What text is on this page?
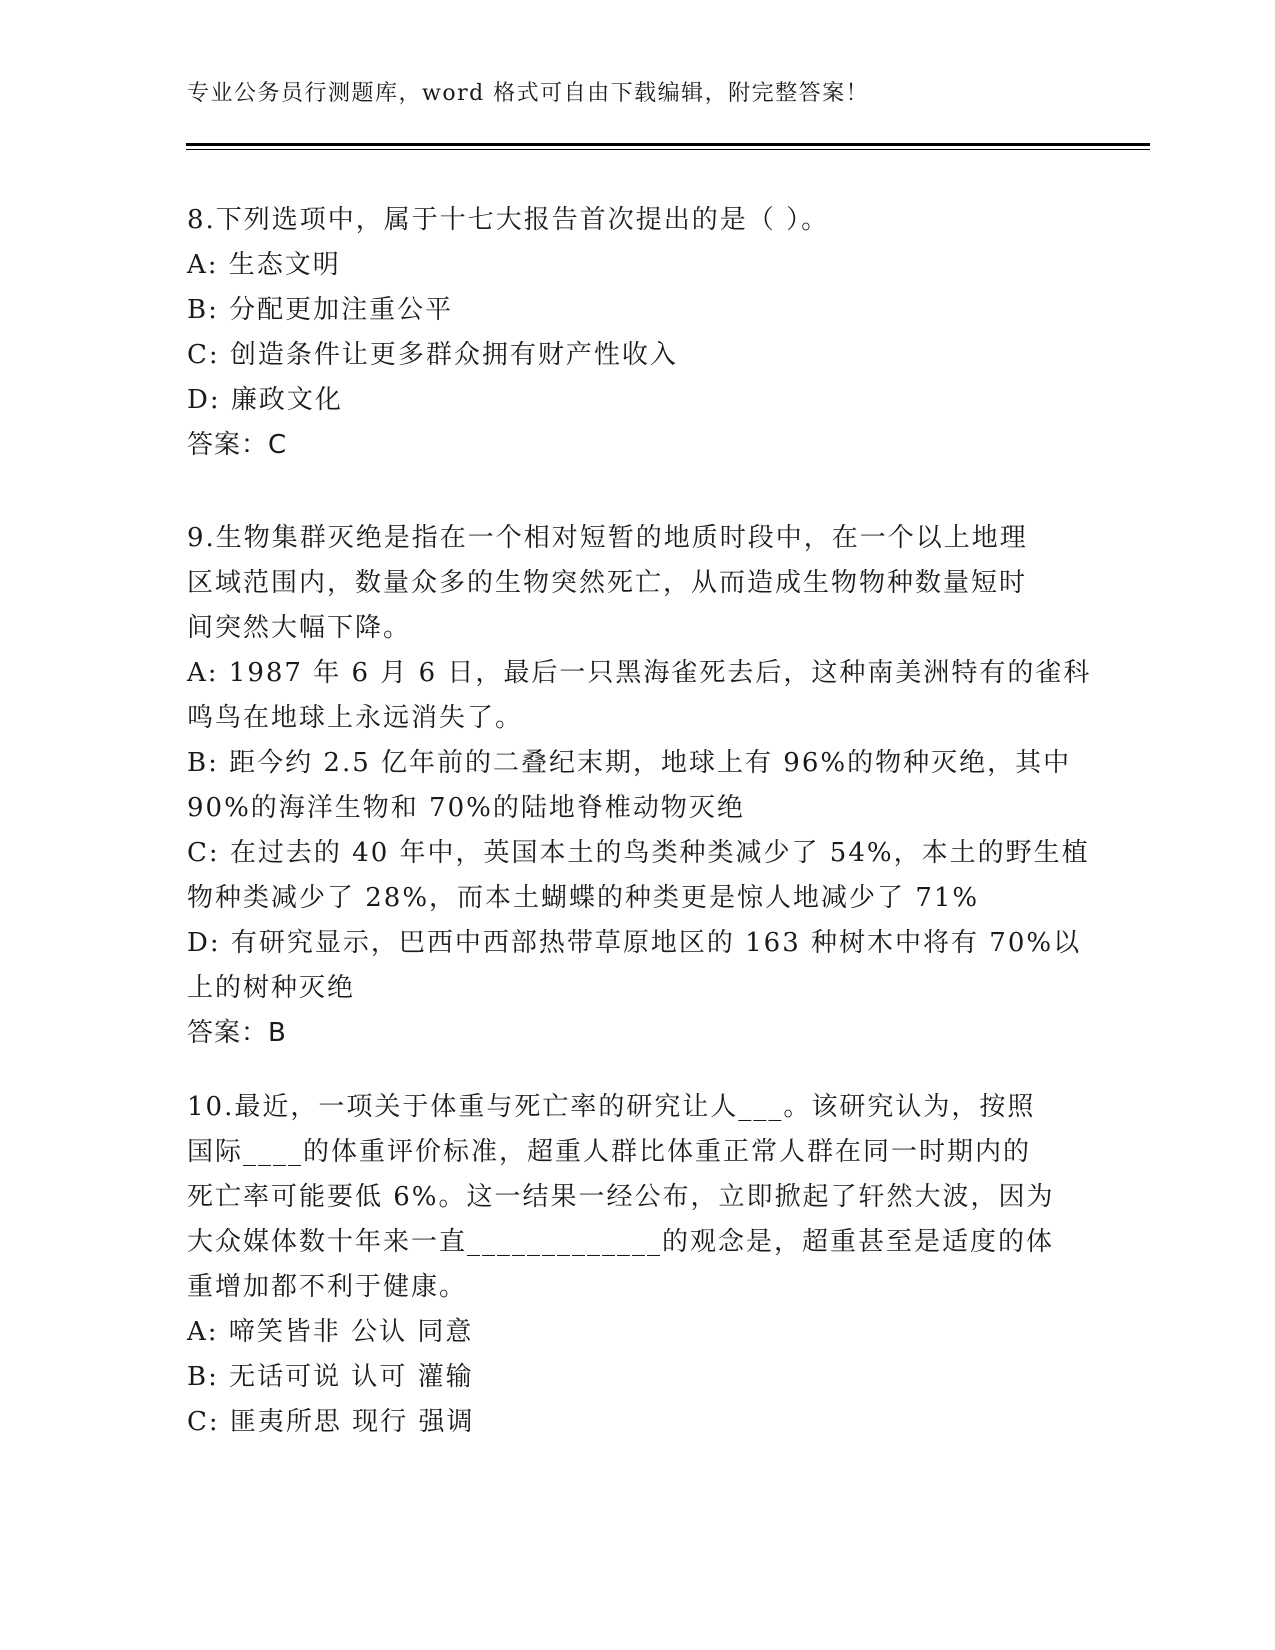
专业公务员行测题库，word 格式可自由下载编辑，附完整答案！
8.下列选项中，属于十七大报告首次提出的是（ ）。
A: 生态文明
B: 分配更加注重公平
C: 创造条件让更多群众拥有财产性收入
D: 廉政文化
答案：C
9.生物集群灭绝是指在一个相对短暂的地质时段中，在一个以上地理
区域范围内，数量众多的生物突然死亡，从而造成生物物种数量短时
间突然大幅下降。
A: 1987 年 6 月 6 日，最后一只黑海雀死去后，这种南美洲特有的雀科
鸣鸟在地球上永远消失了。
B: 距今约 2.5 亿年前的二叠纪末期，地球上有 96%的物种灭绝，其中
90%的海洋生物和 70%的陆地脊椎动物灭绝
C: 在过去的 40 年中，英国本土的鸟类种类减少了 54%，本土的野生植
物种类减少了 28%，而本土蝴蝶的种类更是惊人地减少了 71%
D: 有研究显示，巴西中西部热带草原地区的 163 种树木中将有 70%以
上的树种灭绝
答案：B
10.最近，一项关于体重与死亡率的研究让人___。该研究认为，按照
国际____的体重评价标准，超重人群比体重正常人群在同一时期内的
死亡率可能要低 6%。这一结果一经公布，立即掀起了轩然大波，因为
大众媒体数十年来一直_____________的观念是，超重甚至是适度的体
重增加都不利于健康。
A: 啼笑皆非 公认 同意
B: 无话可说 认可 灌输
C: 匪夷所思 现行 强调
